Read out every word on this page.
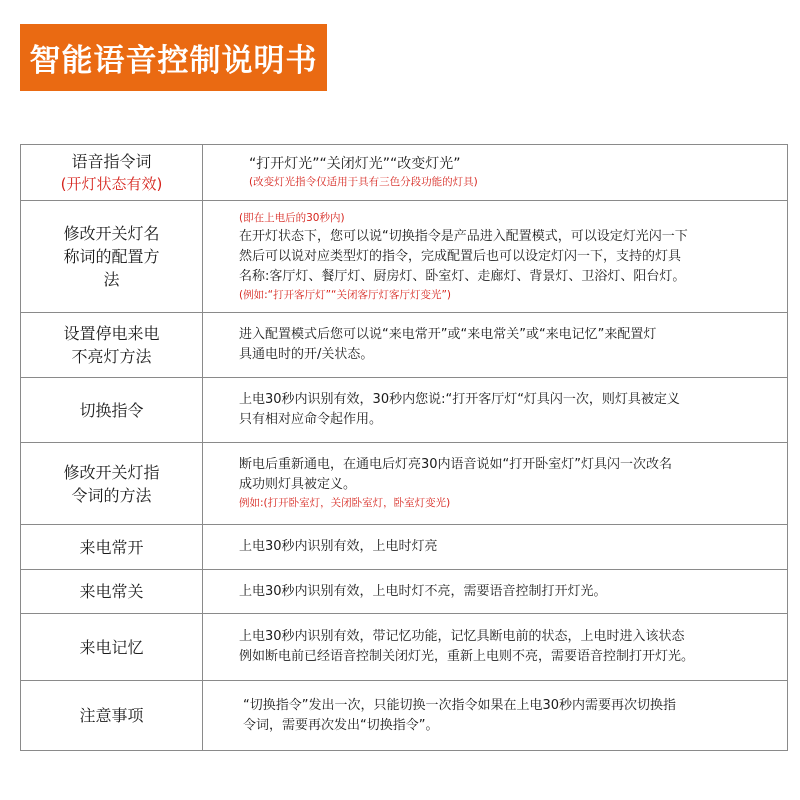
智能语音控制说明书
语音指令词
(开灯状态有效)	“打开灯光”“关闭灯光”“改变灯光”
(改变灯光指令仅适用于具有三色分段功能的灯具)

修改开关灯名
称词的配置方
法	(即在上电后的30秒内)
在开灯状态下，您可以说“切换指令是产品进入配置模式，可以设定灯光闪一下
然后可以说对应类型灯的指令，完成配置后也可以设定灯闪一下，支持的灯具
名称:客厅灯、餐厅灯、厨房灯、卧室灯、走廊灯、背景灯、卫浴灯、阳台灯。
(例如:“打开客厅灯”“关闭客厅灯客厅灯变光”)

设置停电来电
不亮灯方法	进入配置模式后您可以说“来电常开”或“来电常关”或“来电记忆”来配置灯
具通电时的开/关状态。

切换指令	上电30秒内识别有效，30秒内您说:“打开客厅灯“灯具闪一次，则灯具被定义
只有相对应命令起作用。

修改开关灯指
令词的方法	断电后重新通电，在通电后灯亮30内语音说如“打开卧室灯”灯具闪一次改名
成功则灯具被定义。
例如:(打开卧室灯，关闭卧室灯，卧室灯变光)

来电常开	上电30秒内识别有效，上电时灯亮

来电常关	上电30秒内识别有效，上电时灯不亮，需要语音控制打开灯光。

来电记忆	上电30秒内识别有效，带记忆功能，记忆具断电前的状态，上电时进入该状态
例如断电前已经语音控制关闭灯光，重新上电则不亮，需要语音控制打开灯光。

注意事项	“切换指令”发出一次，只能切换一次指令如果在上电30秒内需要再次切换指
令词，需要再次发出“切换指令”。
